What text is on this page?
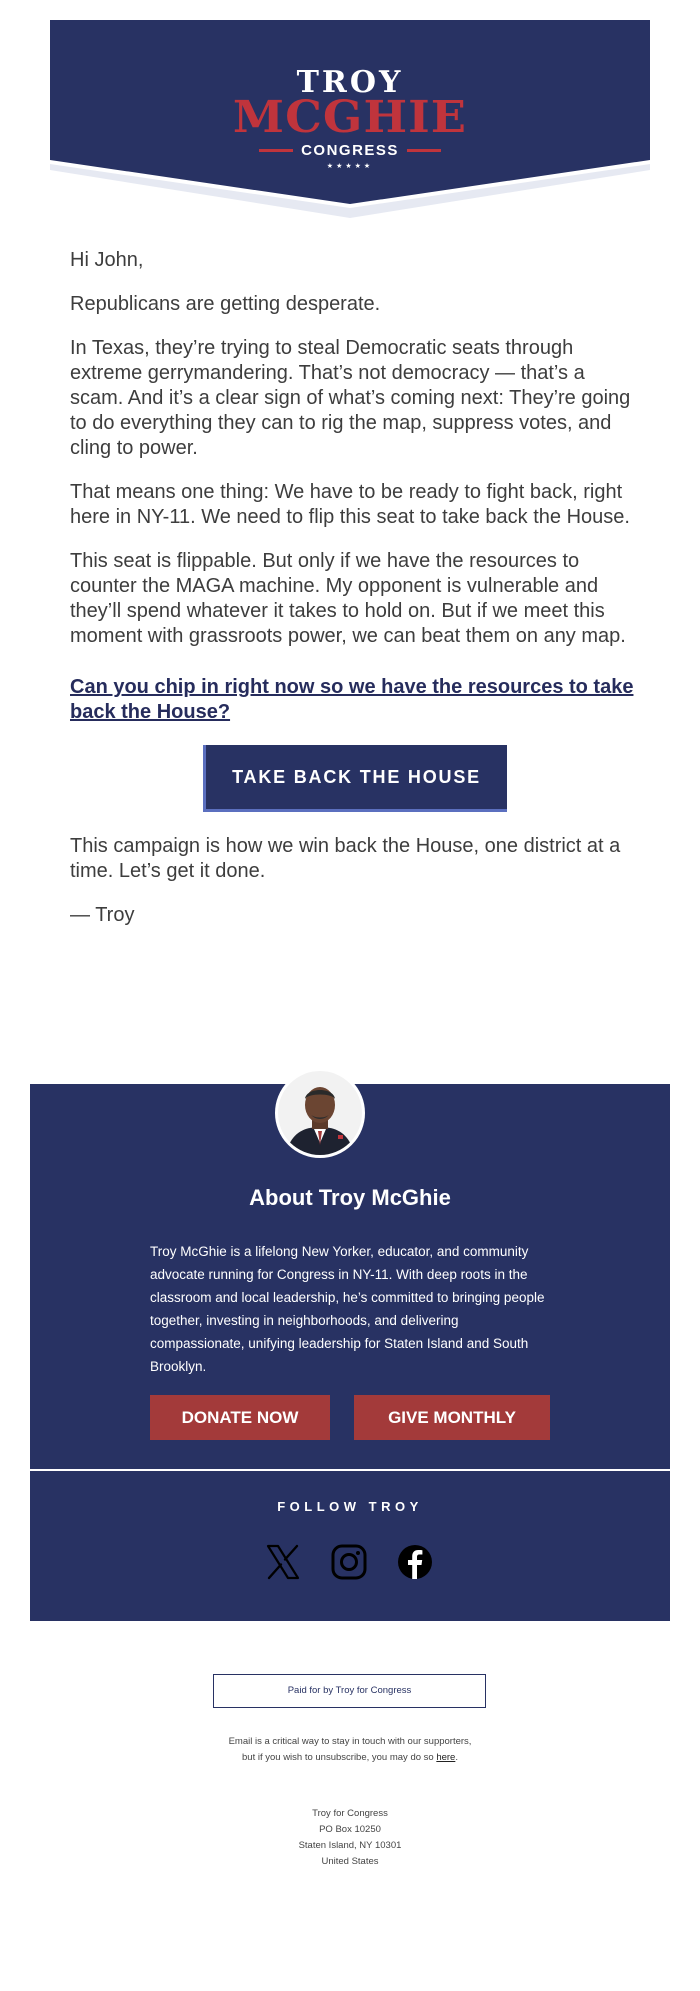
TROY
MCGHIE
CONGRESS
★★★★★

Hi John,

Republicans are getting desperate.

In Texas, they’re trying to steal Democratic seats through extreme gerrymandering. That’s not democracy — that’s a scam. And it’s a clear sign of what’s coming next: They’re going to do everything they can to rig the map, suppress votes, and cling to power.

That means one thing: We have to be ready to fight back, right here in NY-11. We need to flip this seat to take back the House.

This seat is flippable. But only if we have the resources to counter the MAGA machine. My opponent is vulnerable and they’ll spend whatever it takes to hold on. But if we meet this moment with grassroots power, we can beat them on any map.

Can you chip in right now so we have the resources to take back the House?

TAKE BACK THE HOUSE

This campaign is how we win back the House, one district at a time. Let’s get it done.

— Troy

About Troy McGhie
Troy McGhie is a lifelong New Yorker, educator, and community advocate running for Congress in NY-11. With deep roots in the classroom and local leadership, he’s committed to bringing people together, investing in neighborhoods, and delivering compassionate, unifying leadership for Staten Island and South Brooklyn.
DONATE NOW	GIVE MONTHLY
FOLLOW TROY
Paid for by Troy for Congress
Email is a critical way to stay in touch with our supporters, but if you wish to unsubscribe, you may do so here.
Troy for Congress
PO Box 10250
Staten Island, NY 10301
United States
